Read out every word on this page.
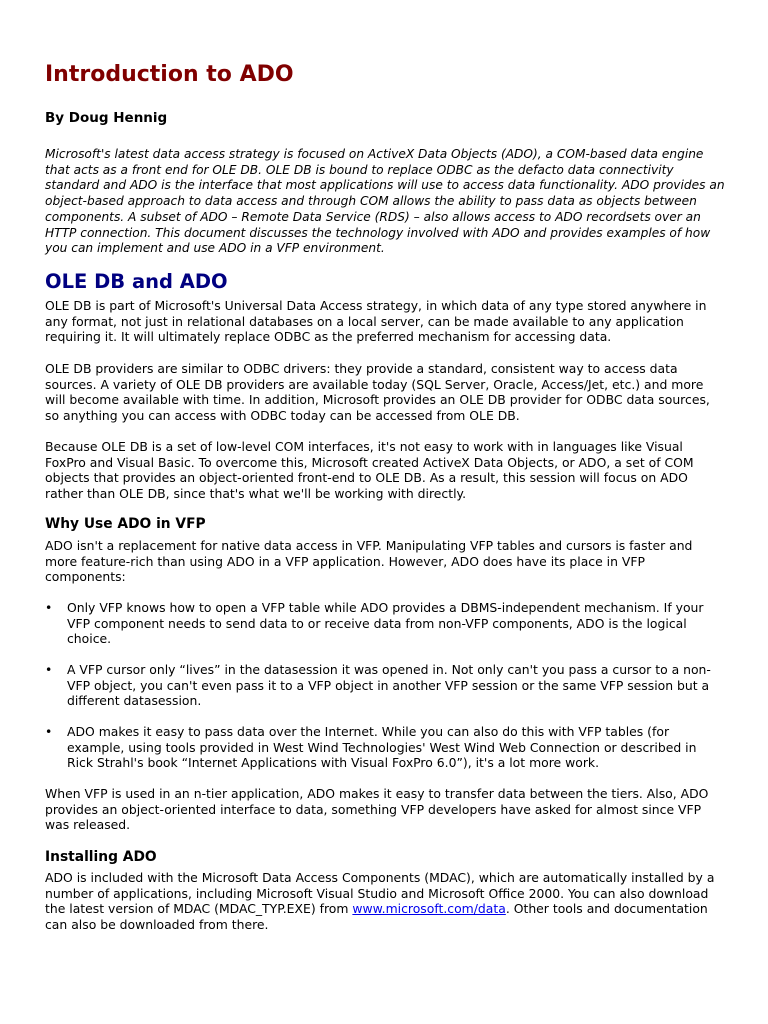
Introduction to ADO

By Doug Hennig

Microsoft's latest data access strategy is focused on ActiveX Data Objects (ADO), a COM-based data engine that acts as a front end for OLE DB. OLE DB is bound to replace ODBC as the defacto data connectivity standard and ADO is the interface that most applications will use to access data functionality. ADO provides an object-based approach to data access and through COM allows the ability to pass data as objects between components. A subset of ADO – Remote Data Service (RDS) – also allows access to ADO recordsets over an HTTP connection. This document discusses the technology involved with ADO and provides examples of how you can implement and use ADO in a VFP environment.

OLE DB and ADO

OLE DB is part of Microsoft's Universal Data Access strategy, in which data of any type stored anywhere in any format, not just in relational databases on a local server, can be made available to any application requiring it. It will ultimately replace ODBC as the preferred mechanism for accessing data.

OLE DB providers are similar to ODBC drivers: they provide a standard, consistent way to access data sources. A variety of OLE DB providers are available today (SQL Server, Oracle, Access/Jet, etc.) and more will become available with time. In addition, Microsoft provides an OLE DB provider for ODBC data sources, so anything you can access with ODBC today can be accessed from OLE DB.

Because OLE DB is a set of low-level COM interfaces, it's not easy to work with in languages like Visual FoxPro and Visual Basic. To overcome this, Microsoft created ActiveX Data Objects, or ADO, a set of COM objects that provides an object-oriented front-end to OLE DB. As a result, this session will focus on ADO rather than OLE DB, since that's what we'll be working with directly.

Why Use ADO in VFP

ADO isn't a replacement for native data access in VFP. Manipulating VFP tables and cursors is faster and more feature-rich than using ADO in a VFP application. However, ADO does have its place in VFP components:

• Only VFP knows how to open a VFP table while ADO provides a DBMS-independent mechanism. If your VFP component needs to send data to or receive data from non-VFP components, ADO is the logical choice.

• A VFP cursor only “lives” in the datasession it was opened in. Not only can't you pass a cursor to a non-VFP object, you can't even pass it to a VFP object in another VFP session or the same VFP session but a different datasession.

• ADO makes it easy to pass data over the Internet. While you can also do this with VFP tables (for example, using tools provided in West Wind Technologies' West Wind Web Connection or described in Rick Strahl's book “Internet Applications with Visual FoxPro 6.0”), it's a lot more work.

When VFP is used in an n-tier application, ADO makes it easy to transfer data between the tiers. Also, ADO provides an object-oriented interface to data, something VFP developers have asked for almost since VFP was released.

Installing ADO

ADO is included with the Microsoft Data Access Components (MDAC), which are automatically installed by a number of applications, including Microsoft Visual Studio and Microsoft Office 2000. You can also download the latest version of MDAC (MDAC_TYP.EXE) from www.microsoft.com/data. Other tools and documentation can also be downloaded from there.
